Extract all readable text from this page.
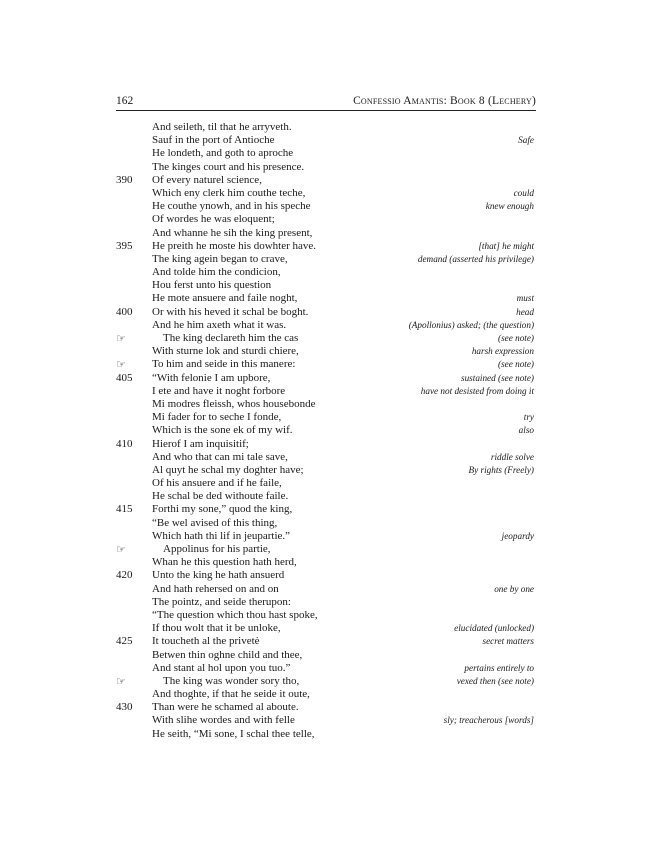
162	Confessio Amantis: Book 8 (Lechery)
And seileth, til that he arryveth.
Sauf in the port of Antioche	Safe
He londeth, and goth to aproche
The kinges court and his presence.
390 Of every naturel science,
Which eny clerk him couthe teche,	could
He couthe ynowh, and in his speche	knew enough
Of wordes he was eloquent;
And whanne he sih the king present,
395 He preith he moste his dowhter have.	[that] he might
The king agein began to crave,	demand (asserted his privilege)
And tolde him the condicion,
Hou ferst unto his question
He mote ansuere and faile noght,	must
400 Or with his heved it schal be boght.	head
And he him axeth what it was.	(Apollonius) asked; (the question)
☞	The king declareth him the cas	(see note)
With sturne lok and sturdi chiere,	harsh expression
☞ To him and seide in this manere:	(see note)
405 “With felonie I am upbore,	sustained (see note)
I ete and have it noght forbore	have not desisted from doing it
Mi modres fleissh, whos housebonde
Mi fader for to seche I fonde,	try
Which is the sone ek of my wif.	also
410 Hierof I am inquisitif;
And who that can mi tale save,	riddle solve
Al quyt he schal my doghter have;	By rights (Freely)
Of his ansuere and if he faile,
He schal be ded withoute faile.
415 Forthi my sone,” quod the king,
“Be wel avised of this thing,
Which hath thi lif in jeupartie.”	jeopardy
☞	Appolinus for his partie,
Whan he this question hath herd,
420 Unto the king he hath ansuerd
And hath rehersed on and on	one by one
The pointz, and seide therupon:
“The question which thou hast spoke,
If thou wolt that it be unloke,	elucidated (unlocked)
425 It toucheth al the privetė	secret matters
Betwen thin oghne child and thee,
And stant al hol upon you tuo.”	pertains entirely to
☞	The king was wonder sory tho,	vexed then (see note)
And thoghte, if that he seide it oute,
430 Than were he schamed al aboute.
With slihe wordes and with felle	sly; treacherous [words]
He seith, “Mi sone, I schal thee telle,
